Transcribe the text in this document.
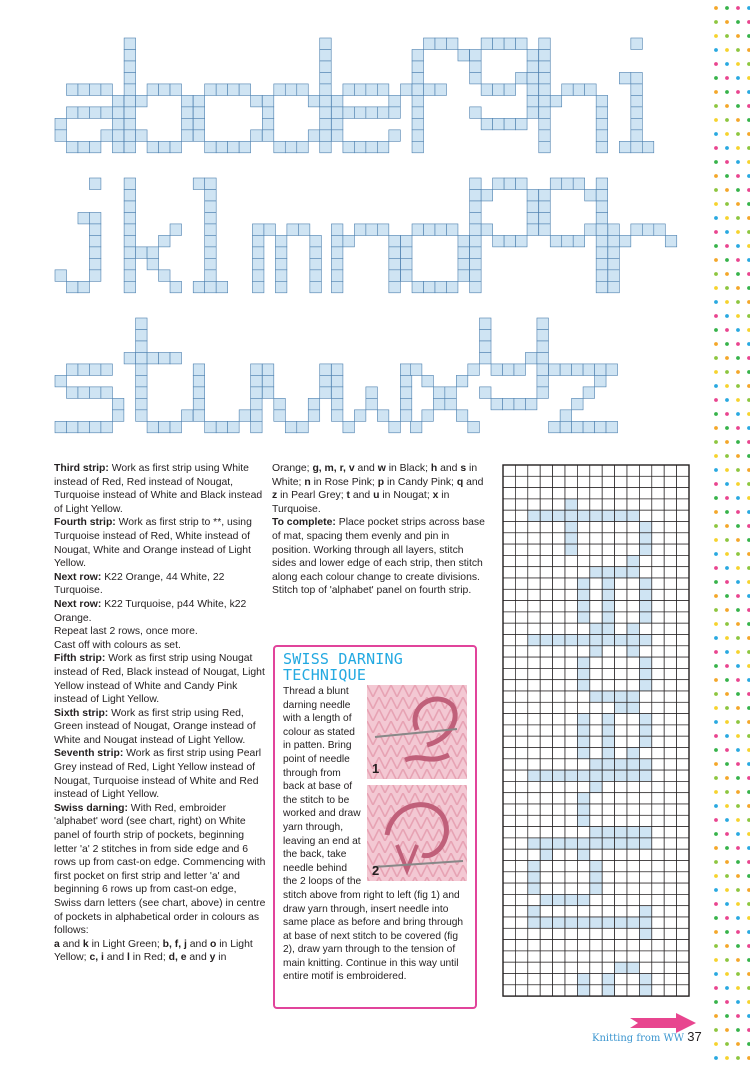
Third strip: Work as first strip using White instead of Red, Red instead of Nougat, Turquoise instead of White and Black instead of Light Yellow.

Fourth strip: Work as first strip to **, using Turquoise instead of Red, White instead of Nougat, White and Orange instead of Light Yellow.

Next row: K22 Orange, 44 White, 22 Turquoise.

Next row: K22 Turquoise, p44 White, k22 Orange.

Repeat last 2 rows, once more.

Cast off with colours as set.

Fifth strip: Work as first strip using Nougat instead of Red, Black instead of Nougat, Light Yellow instead of White and Candy Pink instead of Light Yellow.

Sixth strip: Work as first strip using Red, Green instead of Nougat, Orange instead of White and Nougat instead of Light Yellow.

Seventh strip: Work as first strip using Pearl Grey instead of Red, Light Yellow instead of Nougat, Turquoise instead of White and Red instead of Light Yellow.

Swiss darning: With Red, embroider 'alphabet' word (see chart, right) on White panel of fourth strip of pockets, beginning letter 'a' 2 stitches in from side edge and 6 rows up from cast-on edge. Commencing with first pocket on first strip and letter 'a' and beginning 6 rows up from cast-on edge, Swiss darn letters (see chart, above) in centre of pockets in alphabetical order in colours as follows:

a and k in Light Green; b, f, j and o in Light Yellow; c, i and l in Red; d, e and y in

Orange; g, m, r, v and w in Black; h and s in White; n in Rose Pink; p in Candy Pink; q and z in Pearl Grey; t and u in Nougat; x in Turquoise.

To complete: Place pocket strips across base of mat, spacing them evenly and pin in position. Working through all layers, stitch sides and lower edge of each strip, then stitch along each colour change to create divisions. Stitch top of 'alphabet' panel on fourth strip.

SWISS DARNING TECHNIQUE
1
2

Thread a blunt darning needle with a length of colour as stated in patten. Bring point of needle through from back at base of the stitch to be worked and draw yarn through, leaving an end at the back, take needle behind the 2 loops of the stitch above from right to left (fig 1) and draw yarn through, insert needle into same place as before and bring through at base of next stitch to be covered (fig 2), draw yarn through to the tension of main knitting. Continue in this way until entire motif is embroidered.

Knitting from WW 37
